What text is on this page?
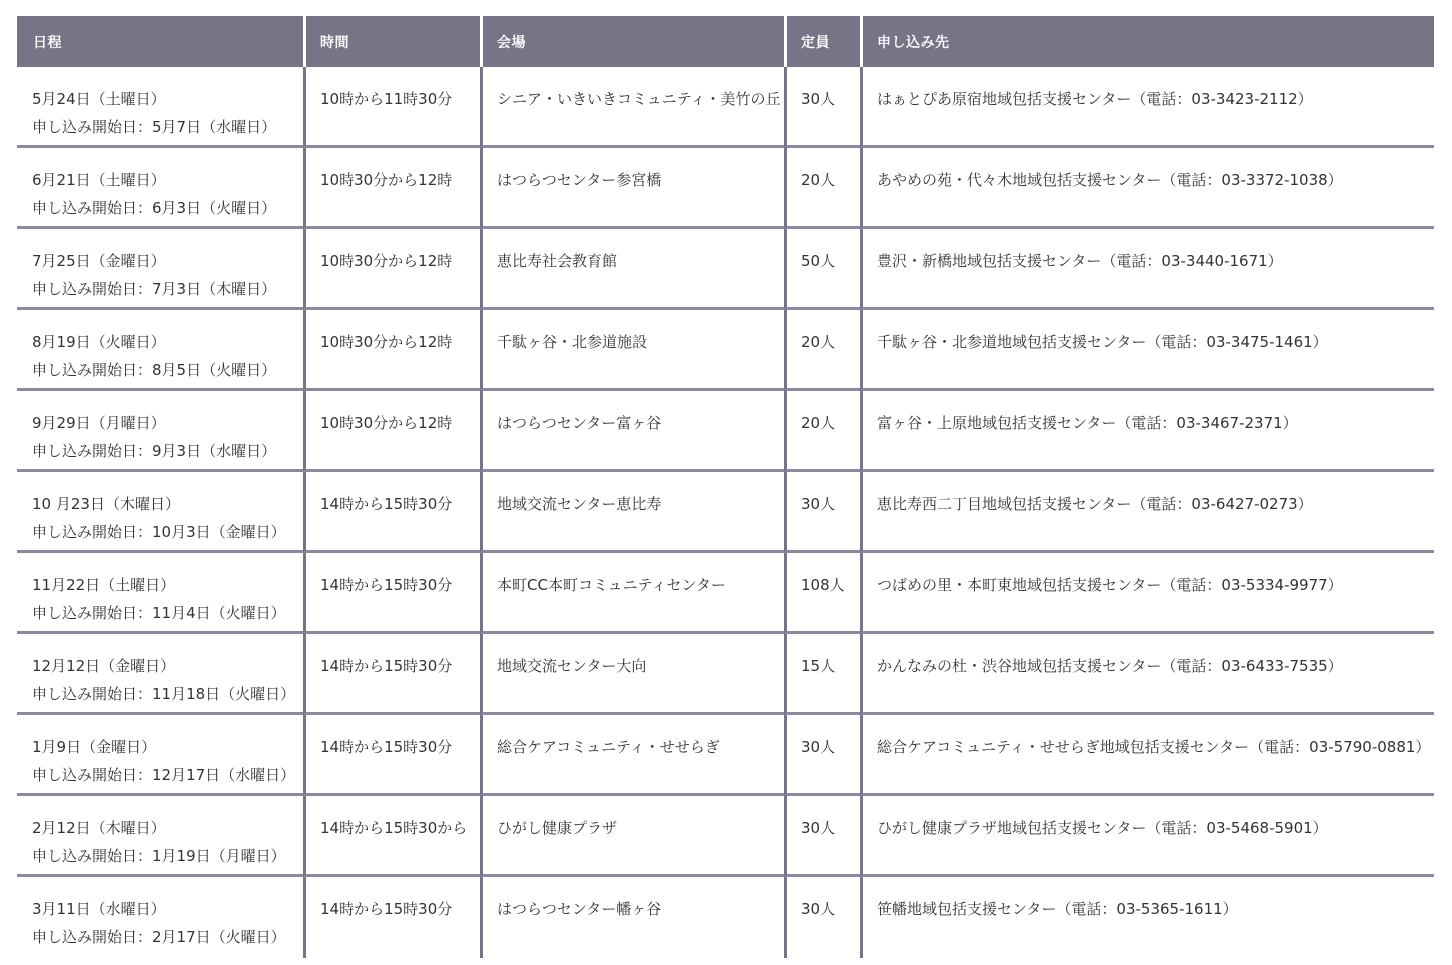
日程	時間	会場	定員	申し込み先

5月24日（土曜日）
申し込み開始日：5月7日（水曜日）	10時から11時30分	シニア・いきいきコミュニティ・美竹の丘	30人	はぁとぴあ原宿地域包括支援センター（電話：03-3423-2112）

6月21日（土曜日）
申し込み開始日：6月3日（火曜日）	10時30分から12時	はつらつセンター参宮橋	20人	あやめの苑・代々木地域包括支援センター（電話：03-3372-1038）

7月25日（金曜日）
申し込み開始日：7月3日（木曜日）	10時30分から12時	恵比寿社会教育館	50人	豊沢・新橋地域包括支援センター（電話：03-3440-1671）

8月19日（火曜日）
申し込み開始日：8月5日（火曜日）	10時30分から12時	千駄ヶ谷・北参道施設	20人	千駄ヶ谷・北参道地域包括支援センター（電話：03-3475-1461）

9月29日（月曜日）
申し込み開始日：9月3日（水曜日）	10時30分から12時	はつらつセンター富ヶ谷	20人	富ヶ谷・上原地域包括支援センター（電話：03-3467-2371）

10 月23日（木曜日）
申し込み開始日：10月3日（金曜日）	14時から15時30分	地域交流センター恵比寿	30人	恵比寿西二丁目地域包括支援センター（電話：03-6427-0273）

11月22日（土曜日）
申し込み開始日：11月4日（火曜日）	14時から15時30分	本町CC本町コミュニティセンター	108人	つばめの里・本町東地域包括支援センター（電話：03-5334-9977）

12月12日（金曜日）
申し込み開始日：11月18日（火曜日）	14時から15時30分	地域交流センター大向	15人	かんなみの杜・渋谷地域包括支援センター（電話：03-6433-7535）

1月9日（金曜日）
申し込み開始日：12月17日（水曜日）	14時から15時30分	総合ケアコミュニティ・せせらぎ	30人	総合ケアコミュニティ・せせらぎ地域包括支援センター（電話：03-5790-0881）

2月12日（木曜日）
申し込み開始日：1月19日（月曜日）	14時から15時30から	ひがし健康プラザ	30人	ひがし健康プラザ地域包括支援センター（電話：03-5468-5901）

3月11日（水曜日）
申し込み開始日：2月17日（火曜日）	14時から15時30分	はつらつセンター幡ヶ谷	30人	笹幡地域包括支援センター（電話：03-5365-1611）
